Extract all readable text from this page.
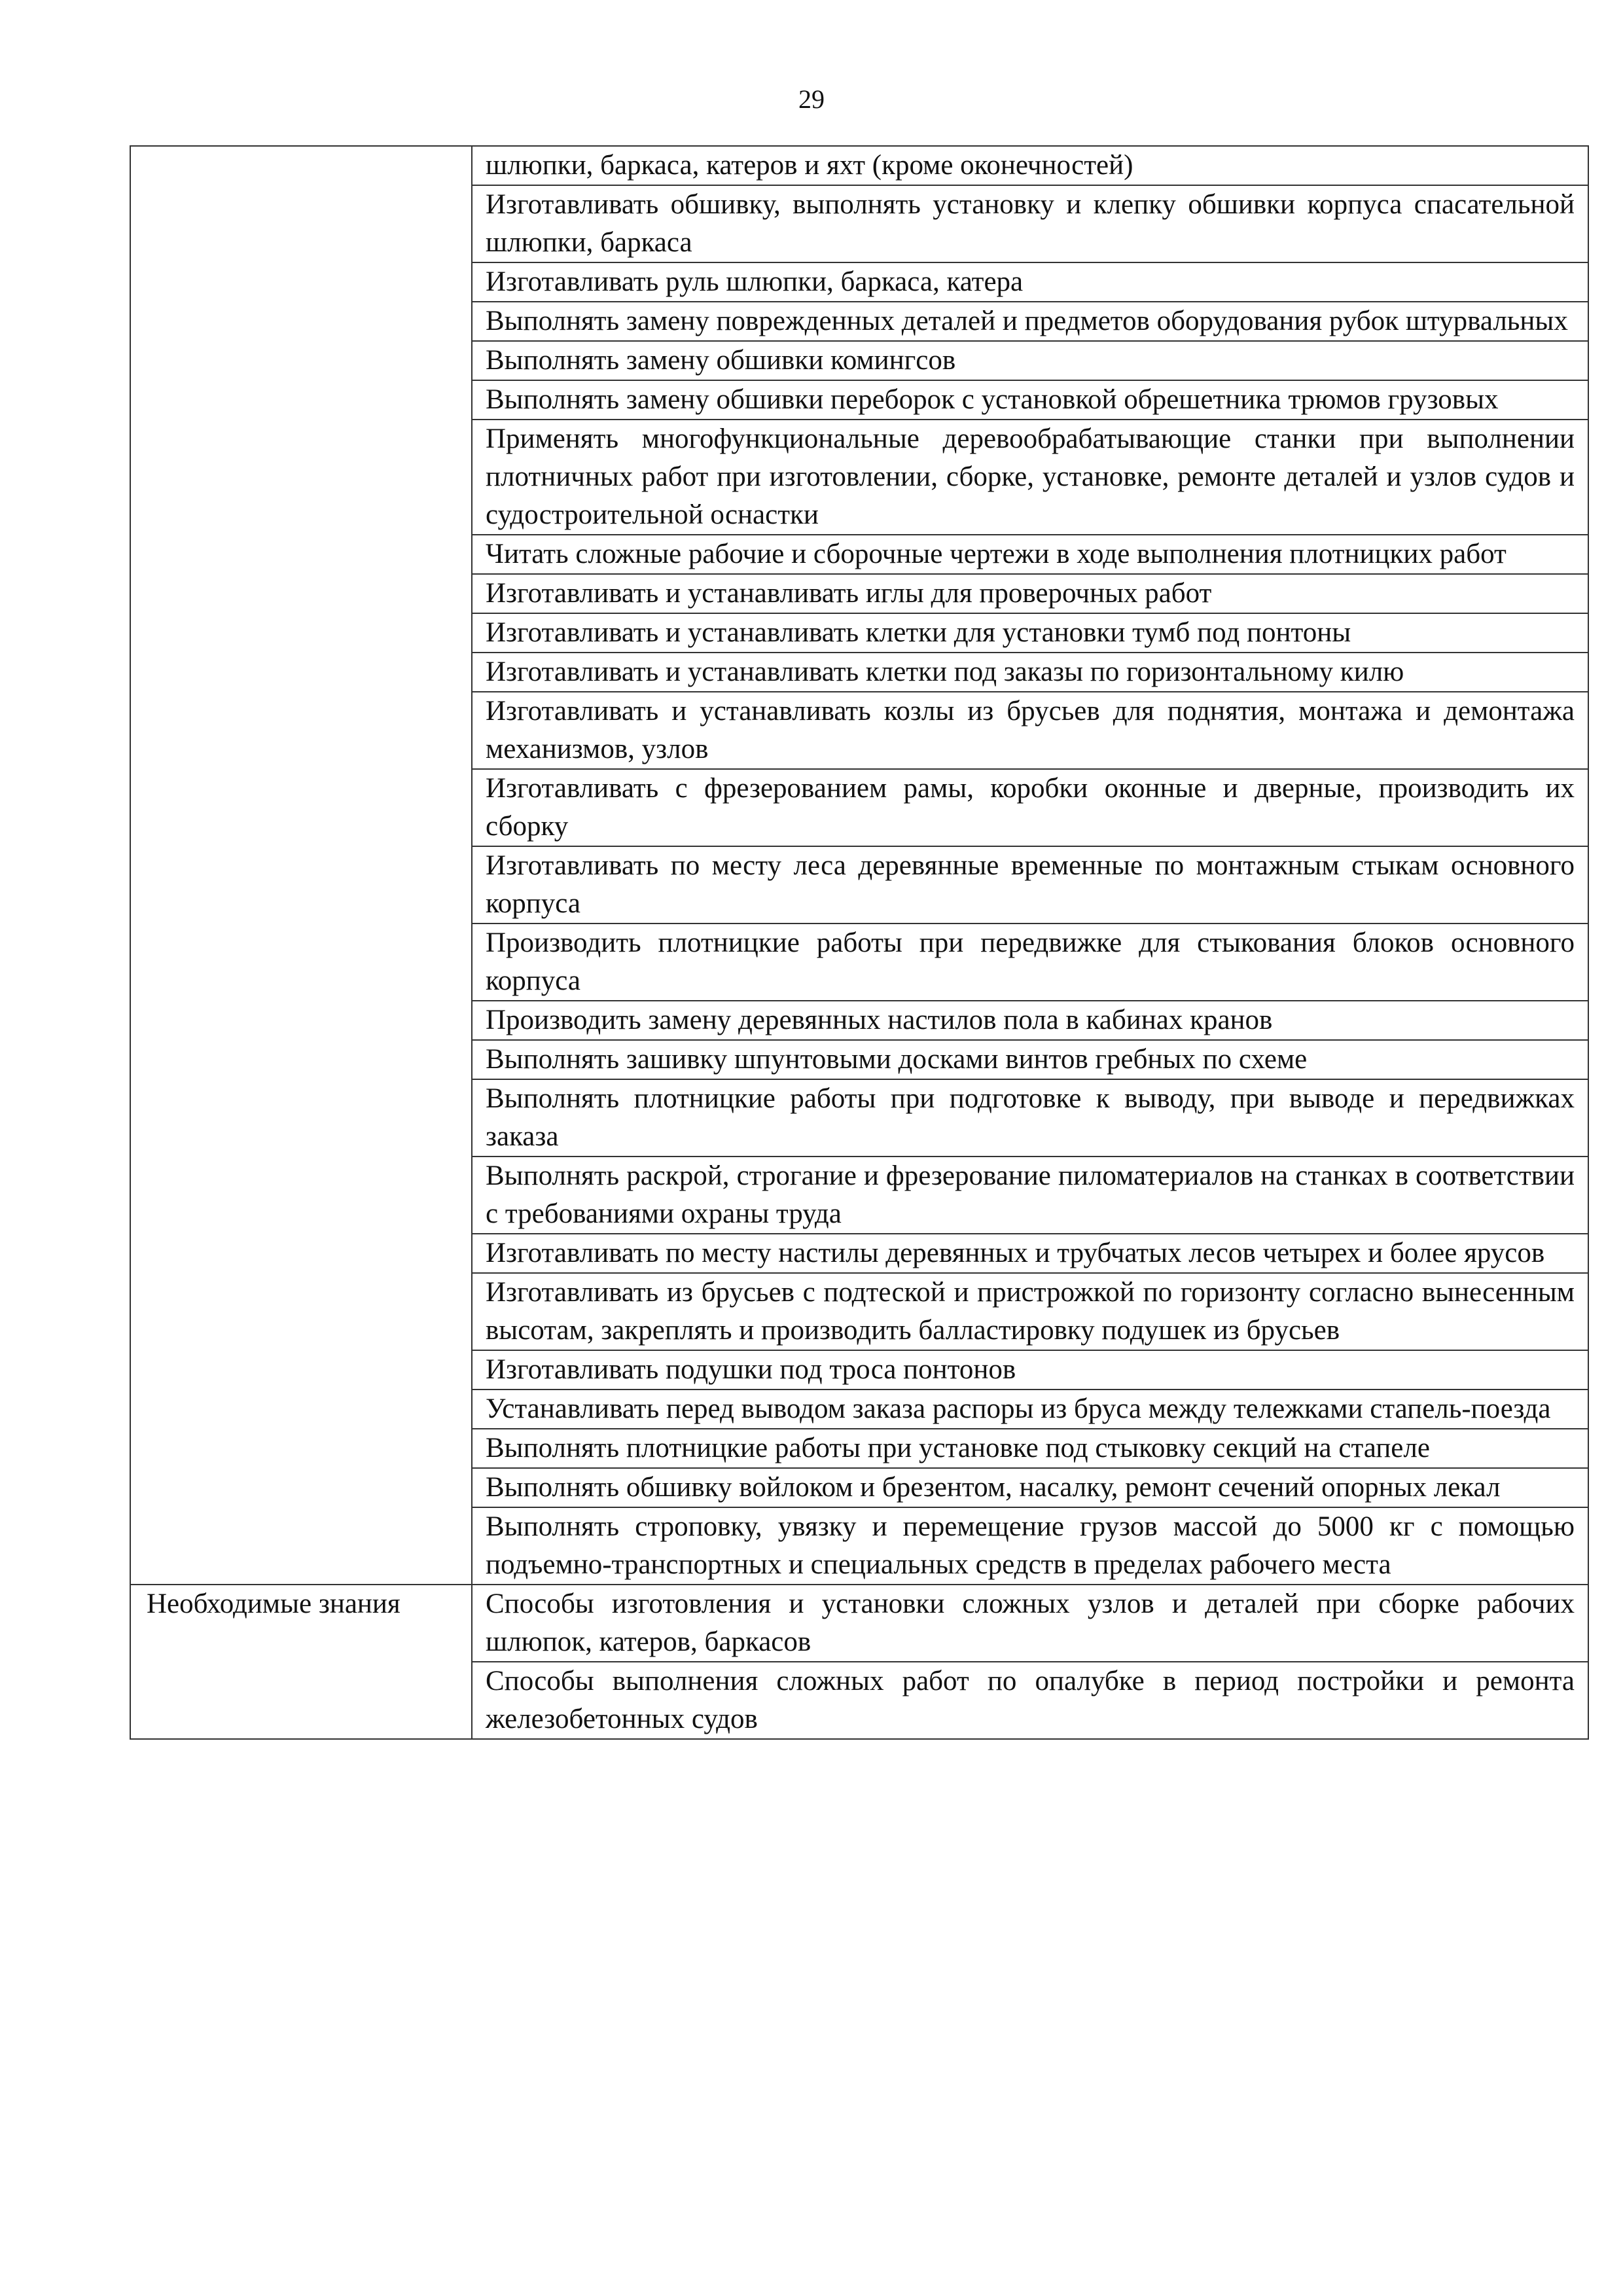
29
	шлюпки, баркаса, катеров и яхт (кроме оконечностей)
	Изготавливать обшивку, выполнять установку и клепку обшивки корпуса спасательной шлюпки, баркаса
	Изготавливать руль шлюпки, баркаса, катера
	Выполнять замену поврежденных деталей и предметов оборудования рубок штурвальных
	Выполнять замену обшивки комингсов
	Выполнять замену обшивки переборок с установкой обрешетника трюмов грузовых
	Применять многофункциональные деревообрабатывающие станки при выполнении плотничных работ при изготовлении, сборке, установке, ремонте деталей и узлов судов и судостроительной оснастки
	Читать сложные рабочие и сборочные чертежи в ходе выполнения плотницких работ
	Изготавливать и устанавливать иглы для проверочных работ
	Изготавливать и устанавливать клетки для установки тумб под понтоны
	Изготавливать и устанавливать клетки под заказы по горизонтальному килю
	Изготавливать и устанавливать козлы из брусьев для поднятия, монтажа и демонтажа механизмов, узлов
	Изготавливать с фрезерованием рамы, коробки оконные и дверные, производить их сборку
	Изготавливать по месту леса деревянные временные по монтажным стыкам основного корпуса
	Производить плотницкие работы при передвижке для стыкования блоков основного корпуса
	Производить замену деревянных настилов пола в кабинах кранов
	Выполнять зашивку шпунтовыми досками винтов гребных по схеме
	Выполнять плотницкие работы при подготовке к выводу, при выводе и передвижках заказа
	Выполнять раскрой, строгание и фрезерование пиломатериалов на станках в соответствии с требованиями охраны труда
	Изготавливать по месту настилы деревянных и трубчатых лесов четырех и более ярусов
	Изготавливать из брусьев с подтеской и пристрожкой по горизонту согласно вынесенным высотам, закреплять и производить балластировку подушек из брусьев
	Изготавливать подушки под троса понтонов
	Устанавливать перед выводом заказа распоры из бруса между тележками стапель-поезда
	Выполнять плотницкие работы при установке под стыковку секций на стапеле
	Выполнять обшивку войлоком и брезентом, насалку, ремонт сечений опорных лекал
	Выполнять строповку, увязку и перемещение грузов массой до 5000 кг с помощью подъемно-транспортных и специальных средств в пределах рабочего места
Необходимые знания	Способы изготовления и установки сложных узлов и деталей при сборке рабочих шлюпок, катеров, баркасов
	Способы выполнения сложных работ по опалубке в период постройки и ремонта железобетонных судов
